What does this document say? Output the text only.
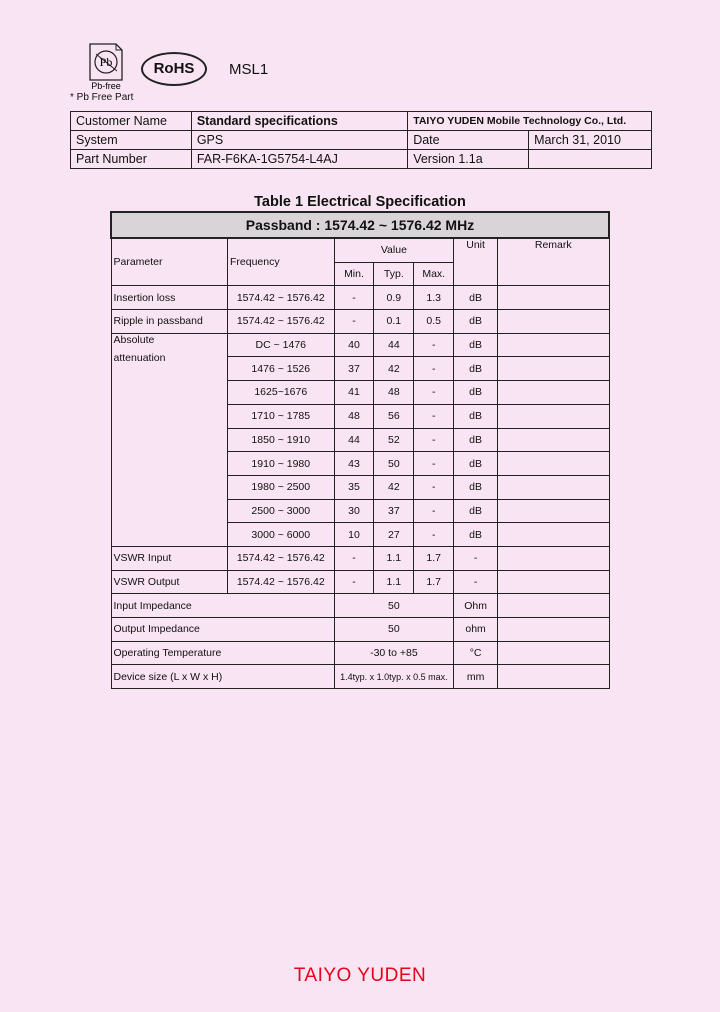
Pb
Pb-free
RoHS	MSL1
* Pb Free Part
Customer Name	Standard specifications	TAIYO YUDEN Mobile Technology Co., Ltd.	
System	GPS	Date	March 31, 2010
Part Number	FAR-F6KA-1G5754-L4AJ	Version 1.1a	
Table 1 Electrical Specification
Passband : 1574.42 ~ 1576.42 MHz						
Parameter	Frequency	Value			Unit	Remark
		Min.	Typ.	Max.		
Insertion loss	1574.42 ~ 1576.42	-	0.9	1.3	dB	
Ripple in passband	1574.42 ~ 1576.42	-	0.1	0.5	dB	

Absolute
attenuation	DC ~ 1476	40	44	-	dB	
	1476 ~ 1526	37	42	-	dB	
	1625~1676	41	48	-	dB	
	1710 ~ 1785	48	56	-	dB	
	1850 ~ 1910	44	52	-	dB	
	1910 ~ 1980	43	50	-	dB	
	1980 ~ 2500	35	42	-	dB	
	2500 ~ 3000	30	37	-	dB	
	3000 ~ 6000	10	27	-	dB	
VSWR Input	1574.42 ~ 1576.42	-	1.1	1.7	-	
VSWR Output	1574.42 ~ 1576.42	-	1.1	1.7	-	
Input Impedance		50			Ohm	
Output Impedance		50			ohm	
Operating Temperature		-30 to +85			°C	
Device size (L x W x H)		1.4typ. x 1.0typ. x 0.5 max.			mm	
TAIYO YUDEN
